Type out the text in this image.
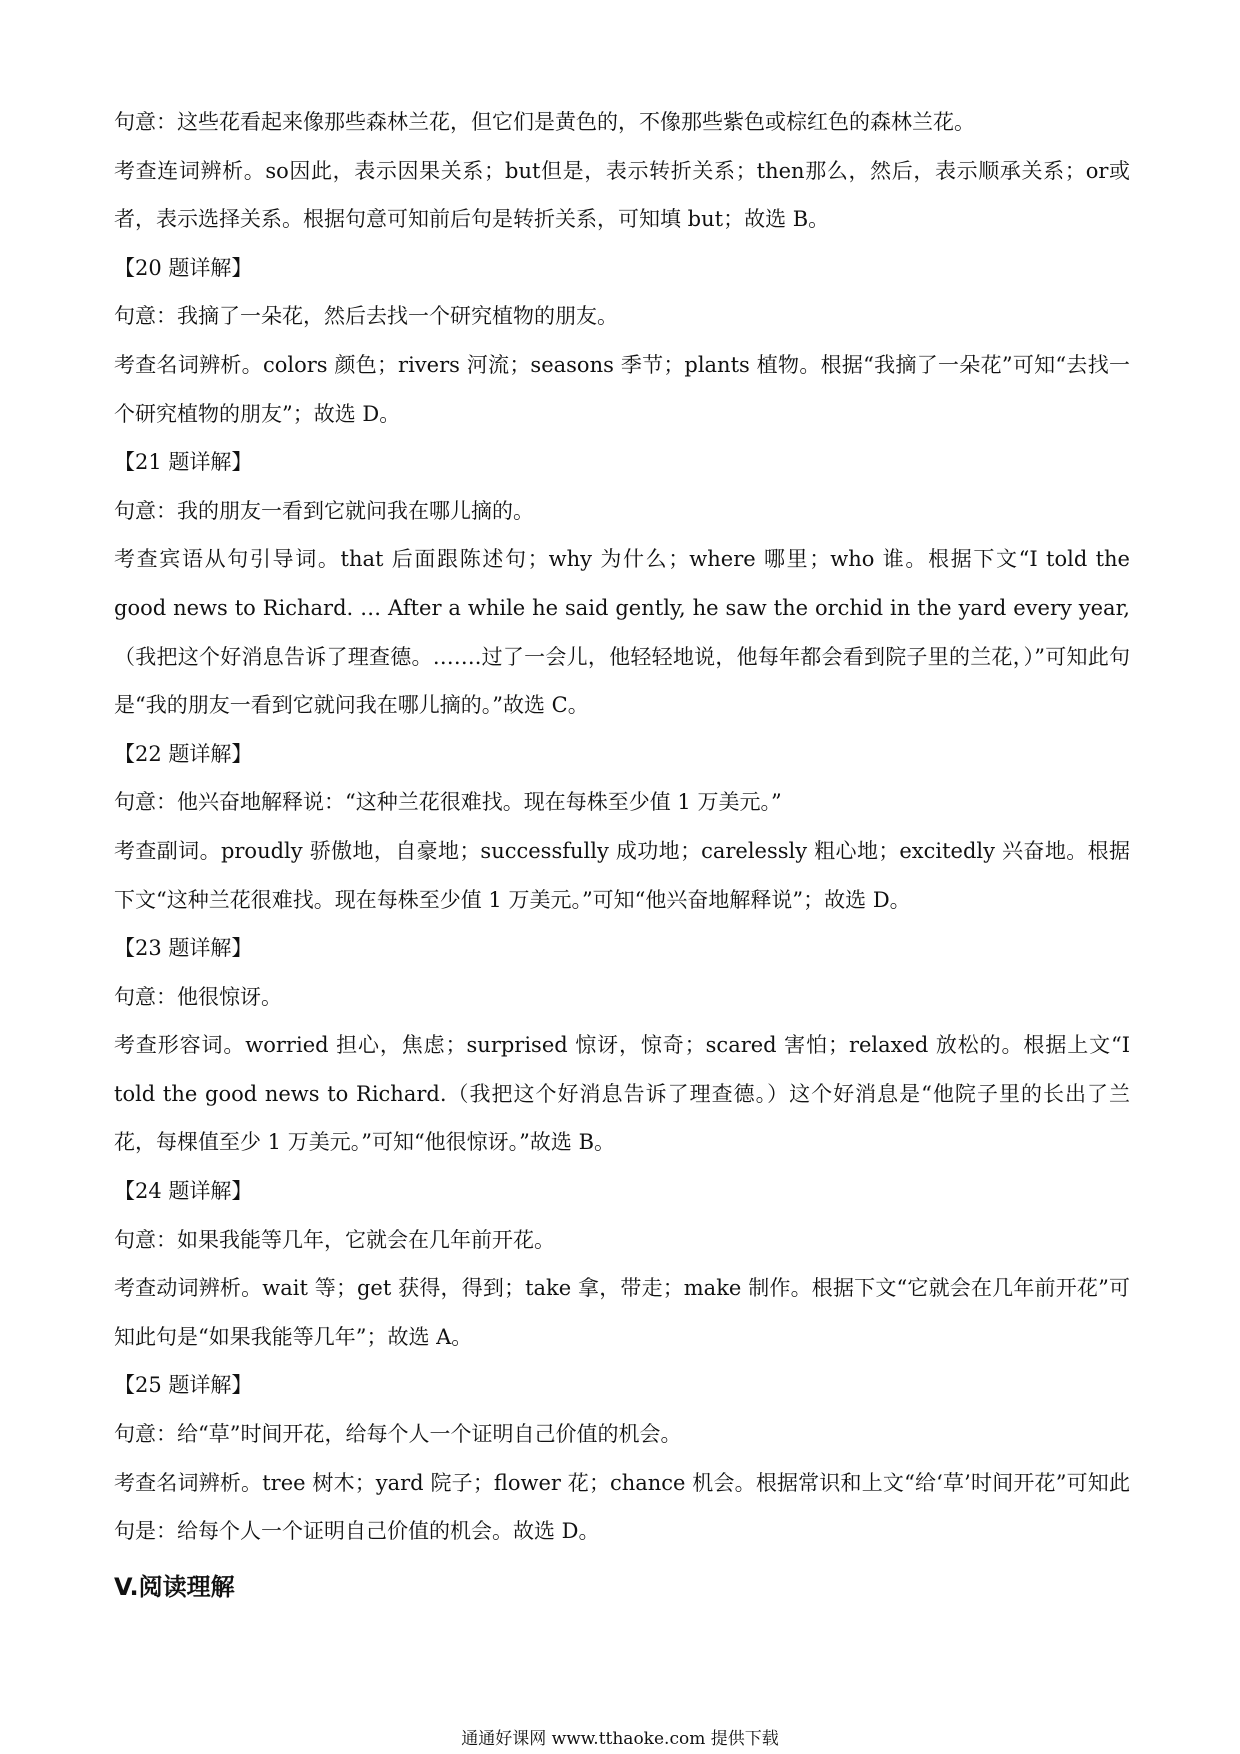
句意：这些花看起来像那些森林兰花，但它们是黄色的，不像那些紫色或棕红色的森林兰花。
考查连词辨析。so因此，表示因果关系；but但是，表示转折关系；then那么，然后，表示顺承关系；or或者，表示选择关系。根据句意可知前后句是转折关系，可知填 but；故选 B。
【20 题详解】
句意：我摘了一朵花，然后去找一个研究植物的朋友。
考查名词辨析。colors 颜色；rivers 河流；seasons 季节；plants 植物。根据“我摘了一朵花”可知“去找一个研究植物的朋友”；故选 D。
【21 题详解】
句意：我的朋友一看到它就问我在哪儿摘的。
考查宾语从句引导词。that 后面跟陈述句；why 为什么；where 哪里；who 谁。根据下文“I told the good news to Richard. … After a while he said gently, he saw the orchid in the yard every year,（我把这个好消息告诉了理查德。…….过了一会儿，他轻轻地说，他每年都会看到院子里的兰花，）”可知此句是“我的朋友一看到它就问我在哪儿摘的。”故选 C。
【22 题详解】
句意：他兴奋地解释说：“这种兰花很难找。现在每株至少值 1 万美元。”
考查副词。proudly 骄傲地，自豪地；successfully 成功地；carelessly 粗心地；excitedly 兴奋地。根据下文“这种兰花很难找。现在每株至少值 1 万美元。”可知“他兴奋地解释说”；故选 D。
【23 题详解】
句意：他很惊讶。
考查形容词。worried 担心，焦虑；surprised 惊讶，惊奇；scared 害怕；relaxed 放松的。根据上文“I told the good news to Richard.（我把这个好消息告诉了理查德。）这个好消息是“他院子里的长出了兰花，每棵值至少 1 万美元。”可知“他很惊讶。”故选 B。
【24 题详解】
句意：如果我能等几年，它就会在几年前开花。
考查动词辨析。wait 等；get 获得，得到；take 拿，带走；make 制作。根据下文“它就会在几年前开花”可知此句是“如果我能等几年”；故选 A。
【25 题详解】
句意：给“草”时间开花，给每个人一个证明自己价值的机会。
考查名词辨析。tree 树木；yard 院子；flower 花；chance 机会。根据常识和上文“给‘草’时间开花”可知此句是：给每个人一个证明自己价值的机会。故选 D。
V.阅读理解
通通好课网 www.tthaoke.com 提供下载
